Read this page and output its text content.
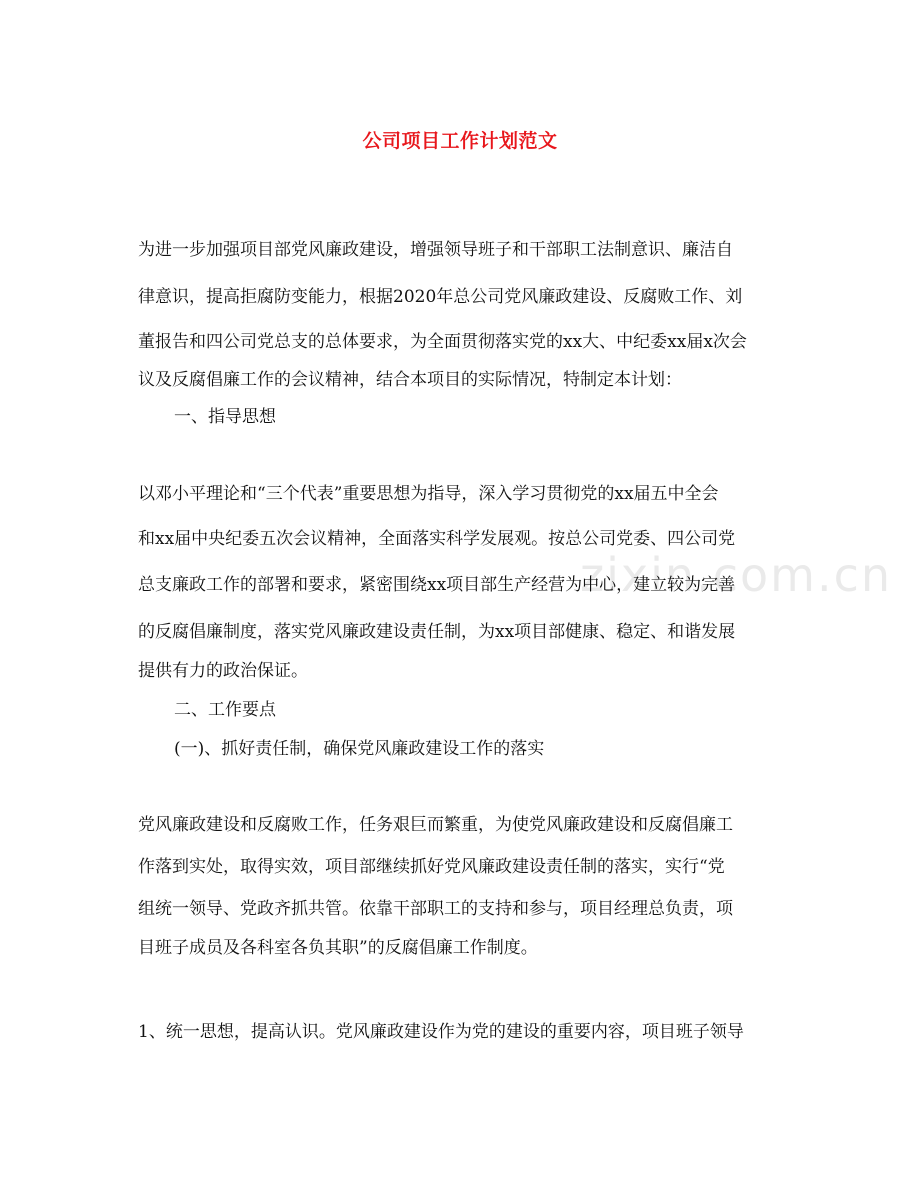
公司项目工作计划范文
zixin.com.cn
为进一步加强项目部党风廉政建设，增强领导班子和干部职工法制意识、廉洁自
律意识，提高拒腐防变能力，根据2020年总公司党风廉政建设、反腐败工作、刘
董报告和四公司党总支的总体要求，为全面贯彻落实党的xx大、中纪委xx届x次会
议及反腐倡廉工作的会议精神，结合本项目的实际情况，特制定本计划：
一、指导思想
以邓小平理论和“三个代表”重要思想为指导，深入学习贯彻党的xx届五中全会
和xx届中央纪委五次会议精神，全面落实科学发展观。按总公司党委、四公司党
总支廉政工作的部署和要求，紧密围绕xx项目部生产经营为中心，建立较为完善
的反腐倡廉制度，落实党风廉政建设责任制，为xx项目部健康、稳定、和谐发展
提供有力的政治保证。
二、工作要点
(一)、抓好责任制，确保党风廉政建设工作的落实
党风廉政建设和反腐败工作，任务艰巨而繁重，为使党风廉政建设和反腐倡廉工
作落到实处，取得实效，项目部继续抓好党风廉政建设责任制的落实，实行“党
组统一领导、党政齐抓共管。依靠干部职工的支持和参与，项目经理总负责，项
目班子成员及各科室各负其职”的反腐倡廉工作制度。
1、统一思想，提高认识。党风廉政建设作为党的建设的重要内容，项目班子领导
